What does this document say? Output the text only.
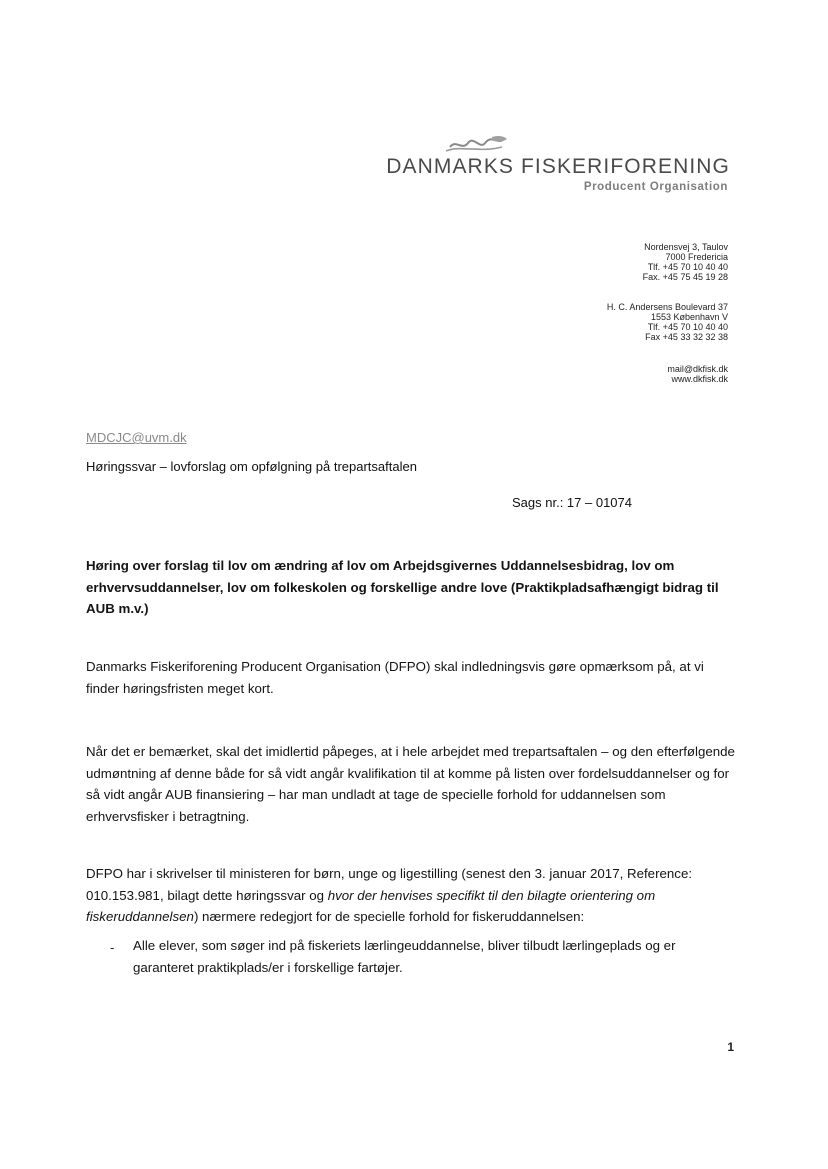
DANMARKS FISKERIFORENING
Producent Organisation
Nordensvej 3, Taulov
7000 Fredericia
Tlf. +45 70 10 40 40
Fax. +45 75 45 19 28
H. C. Andersens Boulevard 37
1553 København V
Tlf. +45 70 10 40 40
Fax +45 33 32 32 38
mail@dkfisk.dk
www.dkfisk.dk
MDCJC@uvm.dk
Høringssvar – lovforslag om opfølgning på trepartsaftalen
Sags nr.: 17 – 01074
Høring over forslag til lov om ændring af lov om Arbejdsgivernes Uddannelsesbidrag, lov om erhvervsuddannelser, lov om folkeskolen og forskellige andre love (Praktikpladsafhængigt bidrag til AUB m.v.)
Danmarks Fiskeriforening Producent Organisation (DFPO) skal indledningsvis gøre opmærksom på, at vi finder høringsfristen meget kort.
Når det er bemærket, skal det imidlertid påpeges, at i hele arbejdet med trepartsaftalen – og den efterfølgende udmøntning af denne både for så vidt angår kvalifikation til at komme på listen over fordelsuddannelser og for så vidt angår AUB finansiering – har man undladt at tage de specielle forhold for uddannelsen som erhvervsfisker i betragtning.
DFPO har i skrivelser til ministeren for børn, unge og ligestilling (senest den 3. januar 2017, Reference: 010.153.981, bilagt dette høringssvar og hvor der henvises specifikt til den bilagte orientering om fiskeruddannelsen) nærmere redegjort for de specielle forhold for fiskeruddannelsen:
- Alle elever, som søger ind på fiskeriets lærlingeuddannelse, bliver tilbudt lærlingeplads og er garanteret praktikplads/er i forskellige fartøjer.
1
